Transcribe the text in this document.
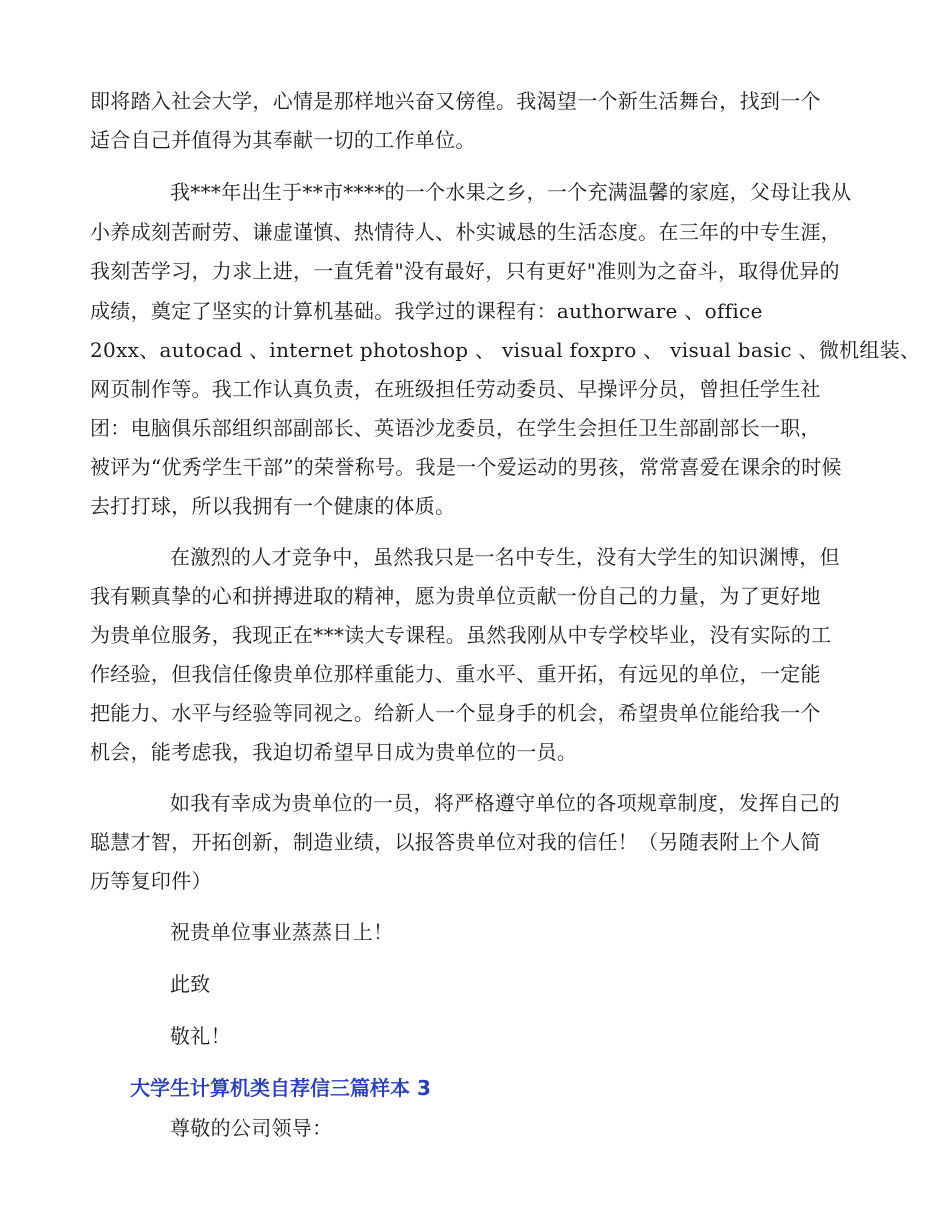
即将踏入社会大学，心情是那样地兴奋又傍徨。我渴望一个新生活舞台，找到一个
适合自己并值得为其奉献一切的工作单位。
我***年出生于**市****的一个水果之乡，一个充满温馨的家庭，父母让我从
小养成刻苦耐劳、谦虚谨慎、热情待人、朴实诚恳的生活态度。在三年的中专生涯，
我刻苦学习，力求上进，一直凭着"没有最好，只有更好"准则为之奋斗，取得优异的
成绩，奠定了坚实的计算机基础。我学过的课程有：authorware 、office
20xx、autocad 、internet photoshop 、 visual foxpro 、 visual basic 、微机组装、
网页制作等。我工作认真负责，在班级担任劳动委员、早操评分员，曾担任学生社
团：电脑俱乐部组织部副部长、英语沙龙委员，在学生会担任卫生部副部长一职，
被评为“优秀学生干部”的荣誉称号。我是一个爱运动的男孩，常常喜爱在课余的时候
去打打球，所以我拥有一个健康的体质。
在激烈的人才竞争中，虽然我只是一名中专生，没有大学生的知识渊博，但
我有颗真挚的心和拼搏进取的精神，愿为贵单位贡献一份自己的力量，为了更好地
为贵单位服务，我现正在***读大专课程。虽然我刚从中专学校毕业，没有实际的工
作经验，但我信任像贵单位那样重能力、重水平、重开拓，有远见的单位，一定能
把能力、水平与经验等同视之。给新人一个显身手的机会，希望贵单位能给我一个
机会，能考虑我，我迫切希望早日成为贵单位的一员。
如我有幸成为贵单位的一员，将严格遵守单位的各项规章制度，发挥自己的
聪慧才智，开拓创新，制造业绩，以报答贵单位对我的信任！（另随表附上个人简
历等复印件）
祝贵单位事业蒸蒸日上！
此致
敬礼！
大学生计算机类自荐信三篇样本 3
尊敬的公司领导：
